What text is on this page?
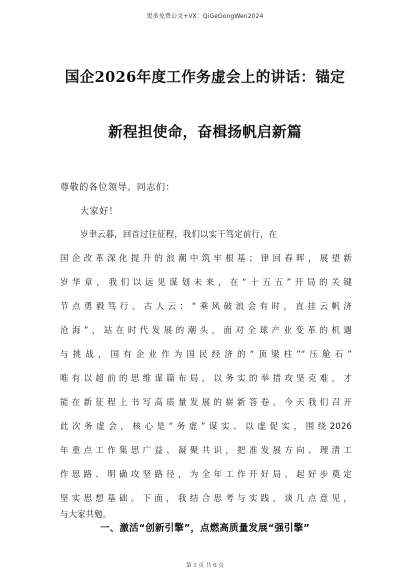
更多免费公文+VX：QiGeGongWen2024
国企2026年度工作务虚会上的讲话：锚定
新程担使命，奋楫扬帆启新篇
尊敬的各位领导、同志们：
大家好！
岁聿云暮，回首过往征程，我们以实干笃定前行，在
国企改革深化提升的浪潮中筑牢根基；律回春晖，展望新
岁华章，我们以远见谋划未来，在“十五五”开局的关键
节点勇毅笃行。古人云：“乘风破浪会有时，直挂云帆济
沧海”，站在时代发展的潮头，面对全球产业变革的机遇
与挑战，国有企业作为国民经济的“顶梁柱”“压舱石”
唯有以超前的思维谋篇布局，以务实的举措攻坚克难，才
能在新征程上书写高质量发展的崭新答卷。今天我们召开
此次务虚会，核心是“务虚”谋实、以虚促实，围绕2026
年重点工作集思广益、凝聚共识，把准发展方向、理清工
作思路、明确攻坚路径，为全年工作开好局、起好步奠定
坚实思想基础。下面，我结合思考与实践，谈几点意见，
一、激活“创新引擎”，点燃高质量发展“强引擎”
第 1 页 共 6 页
与大家共勉。
